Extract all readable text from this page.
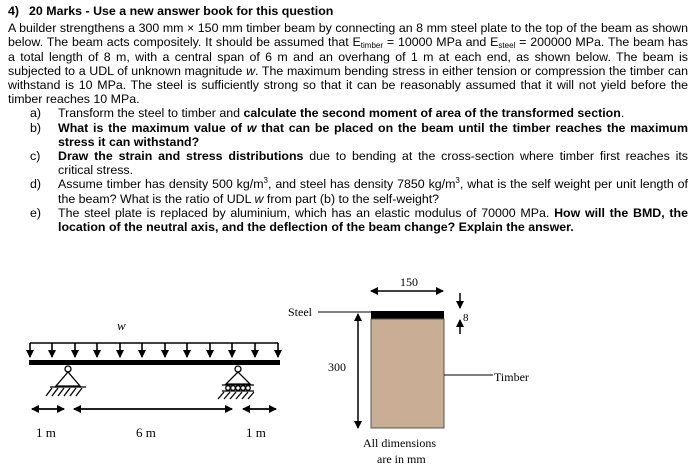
4) 20 Marks - Use a new answer book for this question
A builder strengthens a 300 mm × 150 mm timber beam by connecting an 8 mm steel plate to the top of the beam as shown below. The beam acts compositely. It should be assumed that $E_{timber} = 10000$ MPa and $E_{steel} = 200000$ MPa. The beam has a total length of 8 m, with a central span of 6 m and an overhang of 1 m at each end, as shown below. The beam is subjected to a UDL of unknown magnitude w. The maximum bending stress in either tension or compression the timber can withstand is 10 MPa. The steel is sufficiently strong so that it can be reasonably assumed that it will not yield before the timber reaches 10 MPa.
a) Transform the steel to timber and calculate the second moment of area of the transformed section.
b) What is the maximum value of w that can be placed on the beam until the timber reaches the maximum stress it can withstand?
c) Draw the strain and stress distributions due to bending at the cross-section where timber first reaches its critical stress.
d) Assume timber has density 500 $kg/m^3$, and steel has density 7850 $kg/m^3$, what is the self weight per unit length of the beam? What is the ratio of UDL w from part (b) to the self-weight?
e) The steel plate is replaced by aluminium, which has an elastic modulus of 70000 MPa. How will the BMD, the location of the neutral axis, and the deflection of the beam change? Explain the answer.
w
1 m	6 m	1 m
150
8
Steel
300
Timber
All dimensions
are in mm
